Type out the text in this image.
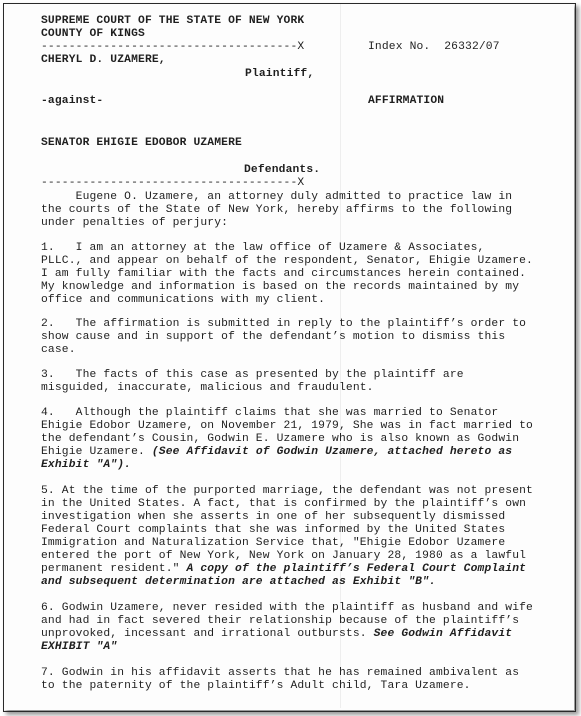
SUPREME COURT OF THE STATE OF NEW YORK
COUNTY OF KINGS
-------------------------------------X	Index No.  26332/07
CHERYL D. UZAMERE,
Plaintiff,
-against-	AFFIRMATION
SENATOR EHIGIE EDOBOR UZAMERE
Defendants.
-------------------------------------X
Eugene O. Uzamere, an attorney duly admitted to practice law in
the courts of the State of New York, hereby affirms to the following
under penalties of perjury:
1.   I am an attorney at the law office of Uzamere & Associates,
PLLC., and appear on behalf of the respondent, Senator, Ehigie Uzamere.
I am fully familiar with the facts and circumstances herein contained.
My knowledge and information is based on the records maintained by my
office and communications with my client.
2.   The affirmation is submitted in reply to the plaintiff’s order to
show cause and in support of the defendant’s motion to dismiss this
case.
3.   The facts of this case as presented by the plaintiff are
misguided, inaccurate, malicious and fraudulent.
4.   Although the plaintiff claims that she was married to Senator
Ehigie Edobor Uzamere, on November 21, 1979, She was in fact married to
the defendant’s Cousin, Godwin E. Uzamere who is also known as Godwin
Ehigie Uzamere. (See Affidavit of Godwin Uzamere, attached hereto as
Exhibit "A").
5. At the time of the purported marriage, the defendant was not present
in the United States. A fact, that is confirmed by the plaintiff’s own
investigation when she asserts in one of her subsequently dismissed
Federal Court complaints that she was informed by the United States
Immigration and Naturalization Service that, "Ehigie Edobor Uzamere
entered the port of New York, New York on January 28, 1980 as a lawful
permanent resident." A copy of the plaintiff’s Federal Court Complaint
and subsequent determination are attached as Exhibit "B".
6. Godwin Uzamere, never resided with the plaintiff as husband and wife
and had in fact severed their relationship because of the plaintiff’s
unprovoked, incessant and irrational outbursts. See Godwin Affidavit
EXHIBIT "A"
7. Godwin in his affidavit asserts that he has remained ambivalent as
to the paternity of the plaintiff’s Adult child, Tara Uzamere.
